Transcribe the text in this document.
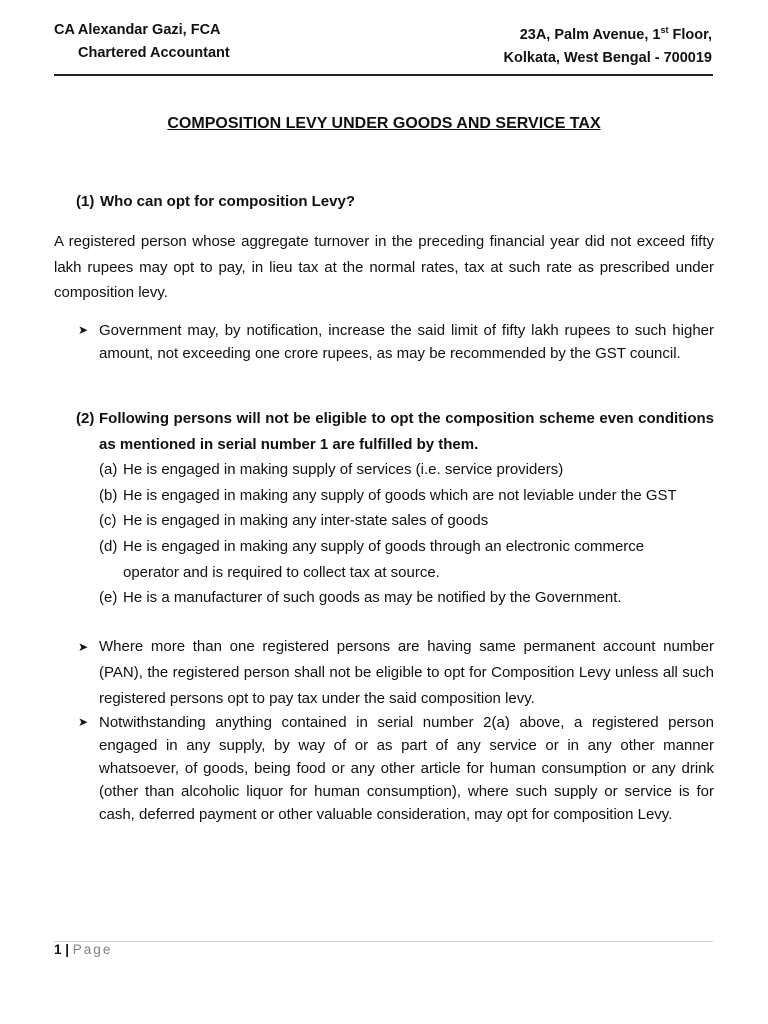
CA Alexandar Gazi, FCA
Chartered Accountant
23A, Palm Avenue, 1st Floor,
Kolkata, West Bengal - 700019
COMPOSITION LEVY UNDER GOODS AND SERVICE TAX
(1) Who can opt for composition Levy?
A registered person whose aggregate turnover in the preceding financial year did not exceed fifty lakh rupees may opt to pay, in lieu tax at the normal rates, tax at such rate as prescribed under composition levy.
➤ Government may, by notification, increase the said limit of fifty lakh rupees to such higher amount, not exceeding one crore rupees, as may be recommended by the GST council.
(2) Following persons will not be eligible to opt the composition scheme even conditions as mentioned in serial number 1 are fulfilled by them.
(a) He is engaged in making supply of services (i.e. service providers)
(b) He is engaged in making any supply of goods which are not leviable under the GST
(c) He is engaged in making any inter-state sales of goods
(d) He is engaged in making any supply of goods through an electronic commerce
operator and is required to collect tax at source.
(e) He is a manufacturer of such goods as may be notified by the Government.
➤ Where more than one registered persons are having same permanent account number (PAN), the registered person shall not be eligible to opt for Composition Levy unless all such registered persons opt to pay tax under the said composition levy.
➤ Notwithstanding anything contained in serial number 2(a) above, a registered person engaged in any supply, by way of or as part of any service or in any other manner whatsoever, of goods, being food or any other article for human consumption or any drink (other than alcoholic liquor for human consumption), where such supply or service is for cash, deferred payment or other valuable consideration, may opt for composition Levy.
1 | Page
